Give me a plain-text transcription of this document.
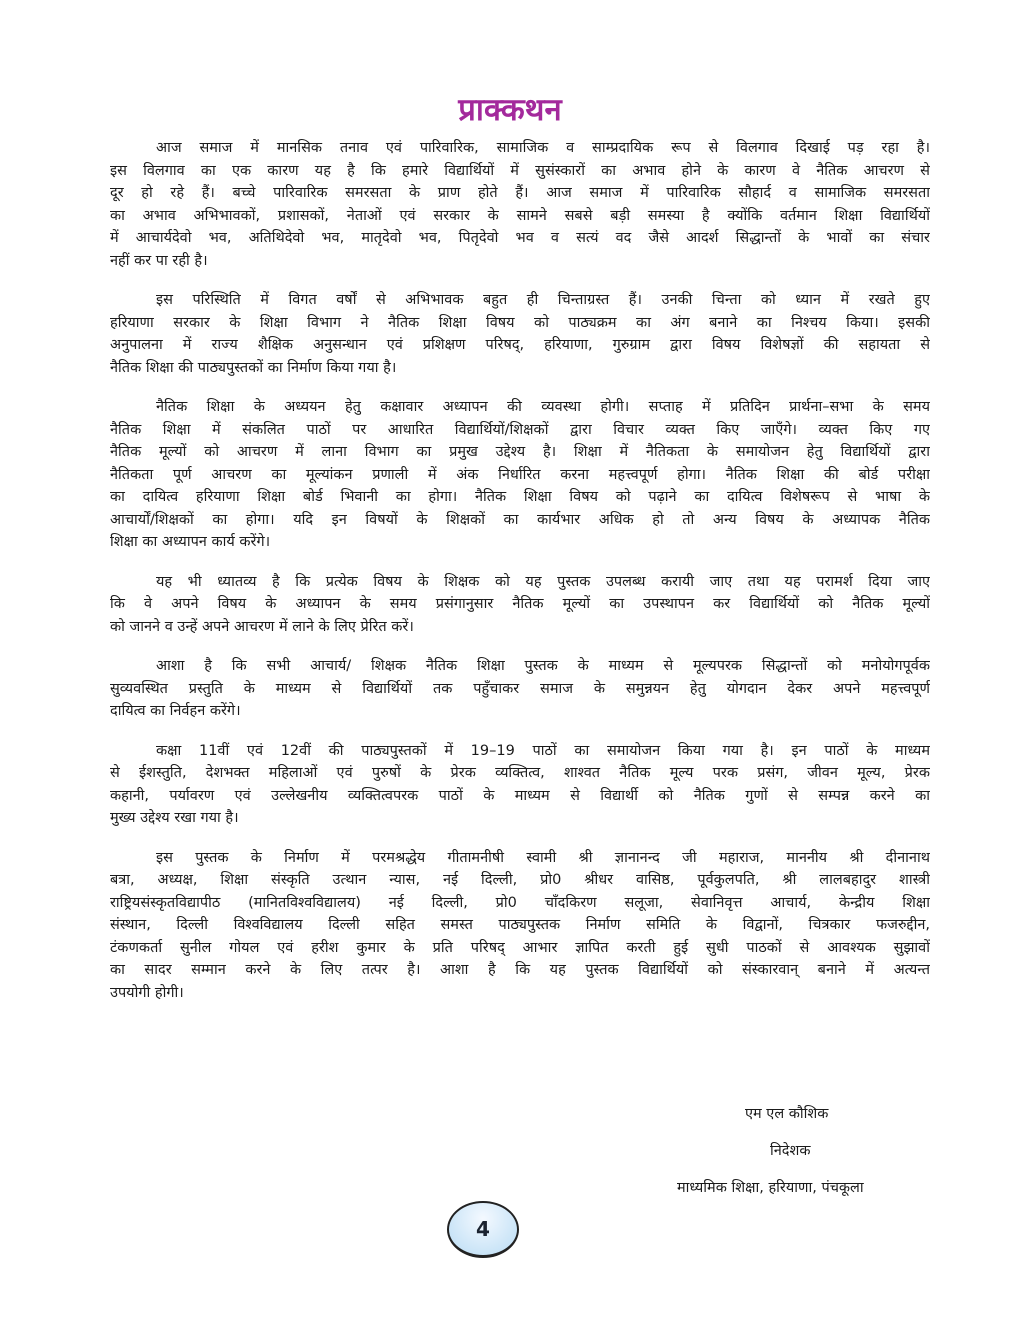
प्राक्कथन
आज समाज में मानसिक तनाव एवं पारिवारिक, सामाजिक व साम्प्रदायिक रूप से विलगाव दिखाई पड़ रहा है।
इस विलगाव का एक कारण यह है कि हमारे विद्यार्थियों में सुसंस्कारों का अभाव होने के कारण वे नैतिक आचरण से
दूर हो रहे हैं। बच्चे पारिवारिक समरसता के प्राण होते हैं। आज समाज में पारिवारिक सौहार्द व सामाजिक समरसता
का अभाव अभिभावकों, प्रशासकों, नेताओं एवं सरकार के सामने सबसे बड़ी समस्या है क्योंकि वर्तमान शिक्षा विद्यार्थियों
में आचार्यदेवो भव, अतिथिदेवो भव, मातृदेवो भव, पितृदेवो भव व सत्यं वद जैसे आदर्श सिद्धान्तों के भावों का संचार
नहीं कर पा रही है।
इस परिस्थिति में विगत वर्षों से अभिभावक बहुत ही चिन्ताग्रस्त हैं। उनकी चिन्ता को ध्यान में रखते हुए
हरियाणा सरकार के शिक्षा विभाग ने नैतिक शिक्षा विषय को पाठ्यक्रम का अंग बनाने का निश्चय किया। इसकी
अनुपालना में राज्य शैक्षिक अनुसन्धान एवं प्रशिक्षण परिषद्, हरियाणा, गुरुग्राम द्वारा विषय विशेषज्ञों की सहायता से
नैतिक शिक्षा की पाठ्यपुस्तकों का निर्माण किया गया है।
नैतिक शिक्षा के अध्ययन हेतु कक्षावार अध्यापन की व्यवस्था होगी। सप्ताह में प्रतिदिन प्रार्थना–सभा के समय
नैतिक शिक्षा में संकलित पाठों पर आधारित विद्यार्थियों/शिक्षकों द्वारा विचार व्यक्त किए जाएँगे। व्यक्त किए गए
नैतिक मूल्यों को आचरण में लाना विभाग का प्रमुख उद्देश्य है। शिक्षा में नैतिकता के समायोजन हेतु विद्यार्थियों द्वारा
नैतिकता पूर्ण आचरण का मूल्यांकन प्रणाली में अंक निर्धारित करना महत्त्वपूर्ण होगा। नैतिक शिक्षा की बोर्ड परीक्षा
का दायित्व हरियाणा शिक्षा बोर्ड भिवानी का होगा। नैतिक शिक्षा विषय को पढ़ाने का दायित्व विशेषरूप से भाषा के
आचार्यों/शिक्षकों का होगा। यदि इन विषयों के शिक्षकों का कार्यभार अधिक हो तो अन्य विषय के अध्यापक नैतिक
शिक्षा का अध्यापन कार्य करेंगे।
यह भी ध्यातव्य है कि प्रत्येक विषय के शिक्षक को यह पुस्तक उपलब्ध करायी जाए तथा यह परामर्श दिया जाए
कि वे अपने विषय के अध्यापन के समय प्रसंगानुसार नैतिक मूल्यों का उपस्थापन कर विद्यार्थियों को नैतिक मूल्यों
को जानने व उन्हें अपने आचरण में लाने के लिए प्रेरित करें।
आशा है कि सभी आचार्य/ शिक्षक नैतिक शिक्षा पुस्तक के माध्यम से मूल्यपरक सिद्धान्तों को मनोयोगपूर्वक
सुव्यवस्थित प्रस्तुति के माध्यम से विद्यार्थियों तक पहुँचाकर समाज के समुन्नयन हेतु योगदान देकर अपने महत्त्वपूर्ण
दायित्व का निर्वहन करेंगे।
कक्षा 11वीं एवं 12वीं की पाठ्यपुस्तकों में 19–19 पाठों का समायोजन किया गया है। इन पाठों के माध्यम
से ईशस्तुति, देशभक्त महिलाओं एवं पुरुषों के प्रेरक व्यक्तित्व, शाश्वत नैतिक मूल्य परक प्रसंग, जीवन मूल्य, प्रेरक
कहानी, पर्यावरण एवं उल्लेखनीय व्यक्तित्वपरक पाठों के माध्यम से विद्यार्थी को नैतिक गुणों से सम्पन्न करने का
मुख्य उद्देश्य रखा गया है।
इस पुस्तक के निर्माण में परमश्रद्धेय गीतामनीषी स्वामी श्री ज्ञानानन्द जी महाराज, माननीय श्री दीनानाथ
बत्रा, अध्यक्ष, शिक्षा संस्कृति उत्थान न्यास, नई दिल्ली, प्रो0 श्रीधर वासिष्ठ, पूर्वकुलपति, श्री लालबहादुर शास्त्री
राष्ट्रियसंस्कृतविद्यापीठ (मानितविश्वविद्यालय) नई दिल्ली, प्रो0 चाँदकिरण सलूजा, सेवानिवृत्त आचार्य, केन्द्रीय शिक्षा
संस्थान, दिल्ली विश्वविद्यालय दिल्ली सहित समस्त पाठ्यपुस्तक निर्माण समिति के विद्वानों, चित्रकार फजरुद्दीन,
टंकणकर्ता सुनील गोयल एवं हरीश कुमार के प्रति परिषद् आभार ज्ञापित करती हुई सुधी पाठकों से आवश्यक सुझावों
का सादर सम्मान करने के लिए तत्पर है। आशा है कि यह पुस्तक विद्यार्थियों को संस्कारवान् बनाने में अत्यन्त
उपयोगी होगी।
एम एल कौशिक
निदेशक
माध्यमिक शिक्षा, हरियाणा, पंचकूला
4
